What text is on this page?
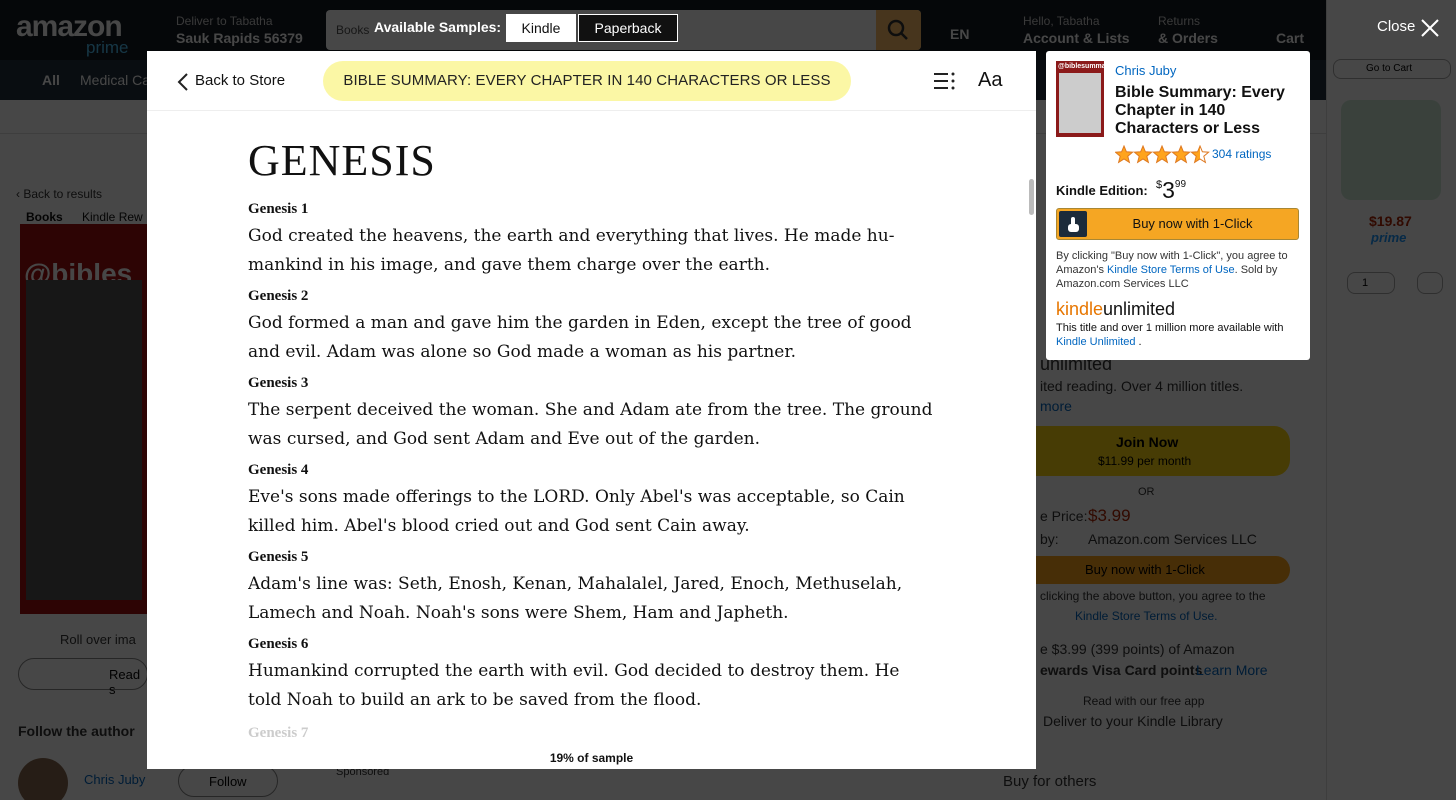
Available Samples:	Kindle	Paperback	Close
Back to Store	BIBLE SUMMARY: EVERY CHAPTER IN 140 CHARACTERS OR LESS	Aa
GENESIS
Genesis 1
God created the heavens, the earth and everything that lives. He made hu-mankind in his image, and gave them charge over the earth.
Genesis 2
God formed a man and gave him the garden in Eden, except the tree of good and evil. Adam was alone so God made a woman as his partner.
Genesis 3
The serpent deceived the woman. She and Adam ate from the tree. The ground was cursed, and God sent Adam and Eve out of the garden.
Genesis 4
Eve's sons made offerings to the LORD. Only Abel's was acceptable, so Cain killed him. Abel's blood cried out and God sent Cain away.
Genesis 5
Adam's line was: Seth, Enosh, Kenan, Mahalalel, Jared, Enoch, Methuselah, Lamech and Noah. Noah's sons were Shem, Ham and Japheth.
Genesis 6
Humankind corrupted the earth with evil. God decided to destroy them. He told Noah to build an ark to be saved from the flood.
Genesis 7
19% of sample
@biblesummary Chris Juby
Bible Summary: Every Chapter in 140 Characters or Less
304 ratings
Kindle Edition: $^{\$}3^{99}$
Buy now with 1-Click
By clicking "Buy now with 1-Click", you agree to Amazon's Kindle Store Terms of Use. Sold by Amazon.com Services LLC
kindleunlimited
This title and over 1 million more available with Kindle Unlimited .
